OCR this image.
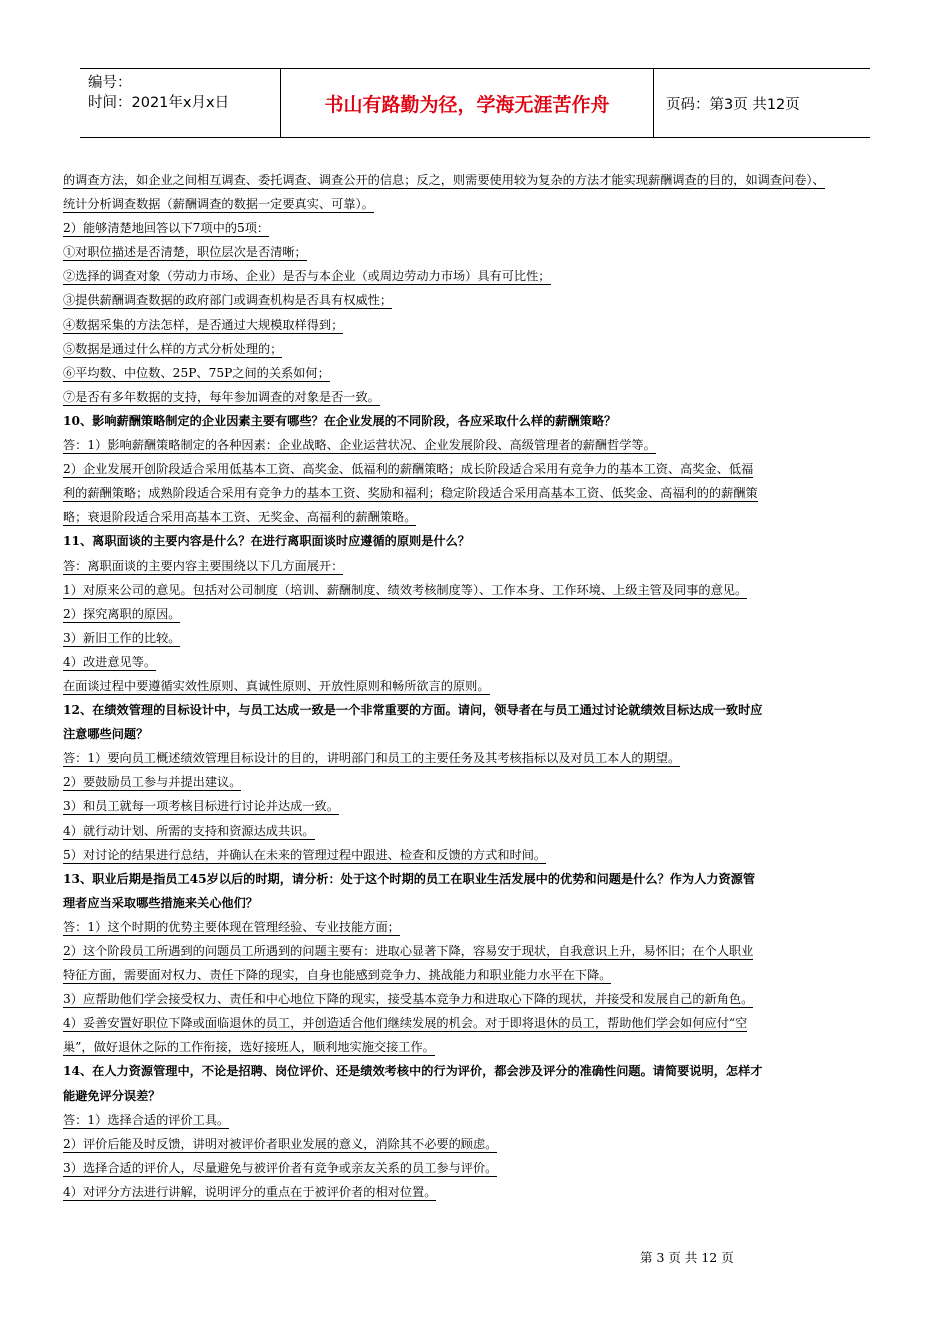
编号：
时间：2021年x月x日	书山有路勤为径，学海无涯苦作舟	页码：第3页 共12页
的调查方法，如企业之间相互调查、委托调查、调查公开的信息；反之，则需要使用较为复杂的方法才能实现薪酬调查的目的，如调查问卷）、
统计分析调查数据（薪酬调查的数据一定要真实、可靠）。
2）能够清楚地回答以下7项中的5项：
①对职位描述是否清楚，职位层次是否清晰；
②选择的调查对象（劳动力市场、企业）是否与本企业（或周边劳动力市场）具有可比性；
③提供薪酬调查数据的政府部门或调查机构是否具有权威性；
④数据采集的方法怎样，是否通过大规模取样得到；
⑤数据是通过什么样的方式分析处理的；
⑥平均数、中位数、25P、75P之间的关系如何；
⑦是否有多年数据的支持，每年参加调查的对象是否一致。
10、影响薪酬策略制定的企业因素主要有哪些？在企业发展的不同阶段，各应采取什么样的薪酬策略？
答：1）影响薪酬策略制定的各种因素：企业战略、企业运营状况、企业发展阶段、高级管理者的薪酬哲学等。
2）企业发展开创阶段适合采用低基本工资、高奖金、低福利的薪酬策略；成长阶段适合采用有竞争力的基本工资、高奖金、低福
利的薪酬策略；成熟阶段适合采用有竞争力的基本工资、奖励和福利；稳定阶段适合采用高基本工资、低奖金、高福利的的薪酬策
略；衰退阶段适合采用高基本工资、无奖金、高福利的薪酬策略。
11、离职面谈的主要内容是什么？在进行离职面谈时应遵循的原则是什么？
答：离职面谈的主要内容主要围绕以下几方面展开：
1）对原来公司的意见。包括对公司制度（培训、薪酬制度、绩效考核制度等）、工作本身、工作环境、上级主管及同事的意见。
2）探究离职的原因。
3）新旧工作的比较。
4）改进意见等。
在面谈过程中要遵循实效性原则、真诚性原则、开放性原则和畅所欲言的原则。
12、在绩效管理的目标设计中，与员工达成一致是一个非常重要的方面。请问，领导者在与员工通过讨论就绩效目标达成一致时应
注意哪些问题？
答：1）要向员工概述绩效管理目标设计的目的，讲明部门和员工的主要任务及其考核指标以及对员工本人的期望。
2）要鼓励员工参与并提出建议。
3）和员工就每一项考核目标进行讨论并达成一致。
4）就行动计划、所需的支持和资源达成共识。
5）对讨论的结果进行总结，并确认在未来的管理过程中跟进、检查和反馈的方式和时间。
13、职业后期是指员工45岁以后的时期，请分析：处于这个时期的员工在职业生活发展中的优势和问题是什么？作为人力资源管
理者应当采取哪些措施来关心他们？
答：1）这个时期的优势主要体现在管理经验、专业技能方面；
2）这个阶段员工所遇到的问题员工所遇到的问题主要有：进取心显著下降，容易安于现状，自我意识上升，易怀旧；在个人职业
特征方面，需要面对权力、责任下降的现实，自身也能感到竞争力、挑战能力和职业能力水平在下降。
3）应帮助他们学会接受权力、责任和中心地位下降的现实，接受基本竞争力和进取心下降的现状，并接受和发展自己的新角色。
4）妥善安置好职位下降或面临退休的员工，并创造适合他们继续发展的机会。对于即将退休的员工，帮助他们学会如何应付“空
巢”，做好退休之际的工作衔接，选好接班人，顺利地实施交接工作。
14、在人力资源管理中，不论是招聘、岗位评价、还是绩效考核中的行为评价，都会涉及评分的准确性问题。请简要说明，怎样才
能避免评分误差？
答：1）选择合适的评价工具。
2）评价后能及时反馈，讲明对被评价者职业发展的意义，消除其不必要的顾虑。
3）选择合适的评价人，尽量避免与被评价者有竞争或亲友关系的员工参与评价。
4）对评分方法进行讲解，说明评分的重点在于被评价者的相对位置。
第 3 页 共 12 页
